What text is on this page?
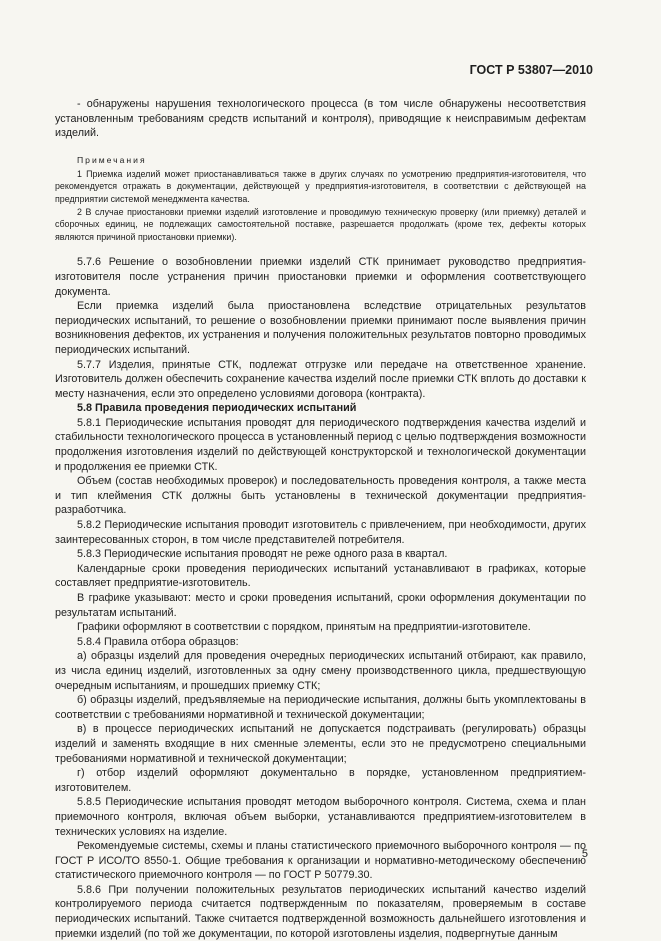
ГОСТ Р 53807—2010

- обнаружены нарушения технологического процесса (в том числе обнаружены несоответствия установленным требованиям средств испытаний и контроля), приводящие к неисправимым дефектам изделий.

Примечания

1 Приемка изделий может приостанавливаться также в других случаях по усмотрению предприятия-изготовителя, что рекомендуется отражать в документации, действующей у предприятия-изготовителя, в соответствии с действующей на предприятии системой менеджмента качества.

2 В случае приостановки приемки изделий изготовление и проводимую техническую проверку (или приемку) деталей и сборочных единиц, не подлежащих самостоятельной поставке, разрешается продолжать (кроме тех, дефекты которых являются причиной приостановки приемки).

5.7.6 Решение о возобновлении приемки изделий СТК принимает руководство предприятия-изготовителя после устранения причин приостановки приемки и оформления соответствующего документа.

Если приемка изделий была приостановлена вследствие отрицательных результатов периодических испытаний, то решение о возобновлении приемки принимают после выявления причин возникновения дефектов, их устранения и получения положительных результатов повторно проводимых периодических испытаний.

5.7.7 Изделия, принятые СТК, подлежат отгрузке или передаче на ответственное хранение. Изготовитель должен обеспечить сохранение качества изделий после приемки СТК вплоть до доставки к месту назначения, если это определено условиями договора (контракта).

5.8 Правила проведения периодических испытаний

5.8.1 Периодические испытания проводят для периодического подтверждения качества изделий и стабильности технологического процесса в установленный период с целью подтверждения возможности продолжения изготовления изделий по действующей конструкторской и технологической документации и продолжения ее приемки СТК.

Объем (состав необходимых проверок) и последовательность проведения контроля, а также места и тип клеймения СТК должны быть установлены в технической документации предприятия-разработчика.

5.8.2 Периодические испытания проводит изготовитель с привлечением, при необходимости, других заинтересованных сторон, в том числе представителей потребителя.

5.8.3 Периодические испытания проводят не реже одного раза в квартал.

Календарные сроки проведения периодических испытаний устанавливают в графиках, которые составляет предприятие-изготовитель.

В графике указывают: место и сроки проведения испытаний, сроки оформления документации по результатам испытаний.

Графики оформляют в соответствии с порядком, принятым на предприятии-изготовителе.

5.8.4 Правила отбора образцов:

а) образцы изделий для проведения очередных периодических испытаний отбирают, как правило, из числа единиц изделий, изготовленных за одну смену производственного цикла, предшествующую очередным испытаниям, и прошедших приемку СТК;

б) образцы изделий, предъявляемые на периодические испытания, должны быть укомплектованы в соответствии с требованиями нормативной и технической документации;

в) в процессе периодических испытаний не допускается подстраивать (регулировать) образцы изделий и заменять входящие в них сменные элементы, если это не предусмотрено специальными требованиями нормативной и технической документации;

г) отбор изделий оформляют документально в порядке, установленном предприятием-изготовителем.

5.8.5 Периодические испытания проводят методом выборочного контроля. Система, схема и план приемочного контроля, включая объем выборки, устанавливаются предприятием-изготовителем в технических условиях на изделие.

Рекомендуемые системы, схемы и планы статистического приемочного выборочного контроля — по ГОСТ Р ИСО/ТО 8550-1. Общие требования к организации и нормативно-методическому обеспечению статистического приемочного контроля — по ГОСТ Р 50779.30.

5.8.6 При получении положительных результатов периодических испытаний качество изделий контролируемого периода считается подтвержденным по показателям, проверяемым в составе периодических испытаний. Также считается подтвержденной возможность дальнейшего изготовления и приемки изделий (по той же документации, по которой изготовлены изделия, подвергнутые данным

5
